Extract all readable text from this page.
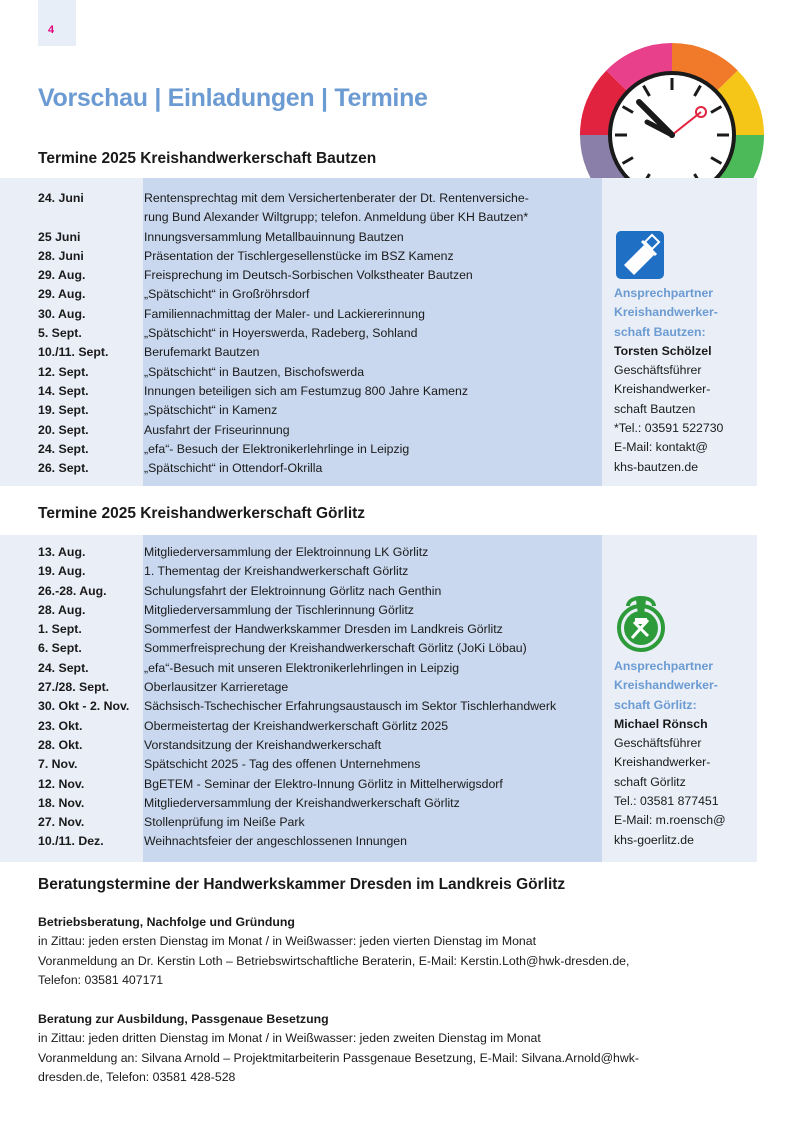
4
Vorschau | Einladungen | Termine
Termine 2025 Kreishandwerkerschaft Bautzen
24. Juni	Rentensprechtag mit dem Versichertenberater der Dt. Rentenversiche-
rung Bund Alexander Wiltgrupp; telefon. Anmeldung über KH Bautzen*
25 Juni	Innungsversammlung Metallbauinnung Bautzen
28. Juni	Präsentation der Tischlergesellenstücke im BSZ Kamenz
29. Aug.	Freisprechung im Deutsch-Sorbischen Volkstheater Bautzen
29. Aug.	„Spätschicht“ in Großröhrsdorf
30. Aug.	Familiennachmittag der Maler- und Lackiererinnung
5. Sept.	„Spätschicht“ in Hoyerswerda, Radeberg, Sohland
10./11. Sept.	Berufemarkt Bautzen
12. Sept.	„Spätschicht“ in Bautzen, Bischofswerda
14. Sept.	Innungen beteiligen sich am Festumzug 800 Jahre Kamenz
19. Sept.	„Spätschicht“ in Kamenz
20. Sept.	Ausfahrt der Friseurinnung
24. Sept.	„efa“- Besuch der Elektronikerlehrlinge in Leipzig
26. Sept.	„Spätschicht“ in Ottendorf-Okrilla
Ansprechpartner
Kreishandwerker-
schaft Bautzen:
Torsten Schölzel
Geschäftsführer
Kreishandwerker-
schaft Bautzen
*Tel.: 03591 522730
E-Mail: kontakt@
khs-bautzen.de
Termine 2025 Kreishandwerkerschaft Görlitz
13. Aug.	Mitgliederversammlung der Elektroinnung LK Görlitz
19. Aug.	1. Thementag der Kreishandwerkerschaft Görlitz
26.-28. Aug.	Schulungsfahrt der Elektroinnung Görlitz nach Genthin
28. Aug.	Mitgliederversammlung der Tischlerinnung Görlitz
1. Sept.	Sommerfest der Handwerkskammer Dresden im Landkreis Görlitz
6. Sept.	Sommerfreisprechung der Kreishandwerkerschaft Görlitz (JoKi Löbau)
24. Sept.	„efa“-Besuch mit unseren Elektronikerlehrlingen in Leipzig
27./28. Sept.	Oberlausitzer Karrieretage
30. Okt - 2. Nov.	Sächsisch-Tschechischer Erfahrungsaustausch im Sektor Tischlerhandwerk
23. Okt.	Obermeistertag der Kreishandwerkerschaft Görlitz 2025
28. Okt.	Vorstandsitzung der Kreishandwerkerschaft
7. Nov.	Spätschicht 2025 - Tag des offenen Unternehmens
12. Nov.	BgETEM - Seminar der Elektro-Innung Görlitz in Mittelherwigsdorf
18. Nov.	Mitgliederversammlung der Kreishandwerkerschaft Görlitz
27. Nov.	Stollenprüfung im Neiße Park
10./11. Dez.	Weihnachtsfeier der angeschlossenen Innungen
Ansprechpartner
Kreishandwerker-
schaft Görlitz:
Michael Rönsch
Geschäftsführer
Kreishandwerker-
schaft Görlitz
Tel.: 03581 877451
E-Mail: m.roensch@
khs-goerlitz.de
Beratungstermine der Handwerkskammer Dresden im Landkreis Görlitz
Betriebsberatung, Nachfolge und Gründung
in Zittau: jeden ersten Dienstag im Monat / in Weißwasser: jeden vierten Dienstag im Monat
Voranmeldung an Dr. Kerstin Loth – Betriebswirtschaftliche Beraterin, E-Mail: Kerstin.Loth@hwk-dresden.de,
Telefon: 03581 407171
Beratung zur Ausbildung, Passgenaue Besetzung
in Zittau: jeden dritten Dienstag im Monat / in Weißwasser: jeden zweiten Dienstag im Monat
Voranmeldung an: Silvana Arnold – Projektmitarbeiterin Passgenaue Besetzung, E-Mail: Silvana.Arnold@hwk-
dresden.de, Telefon: 03581 428-528
